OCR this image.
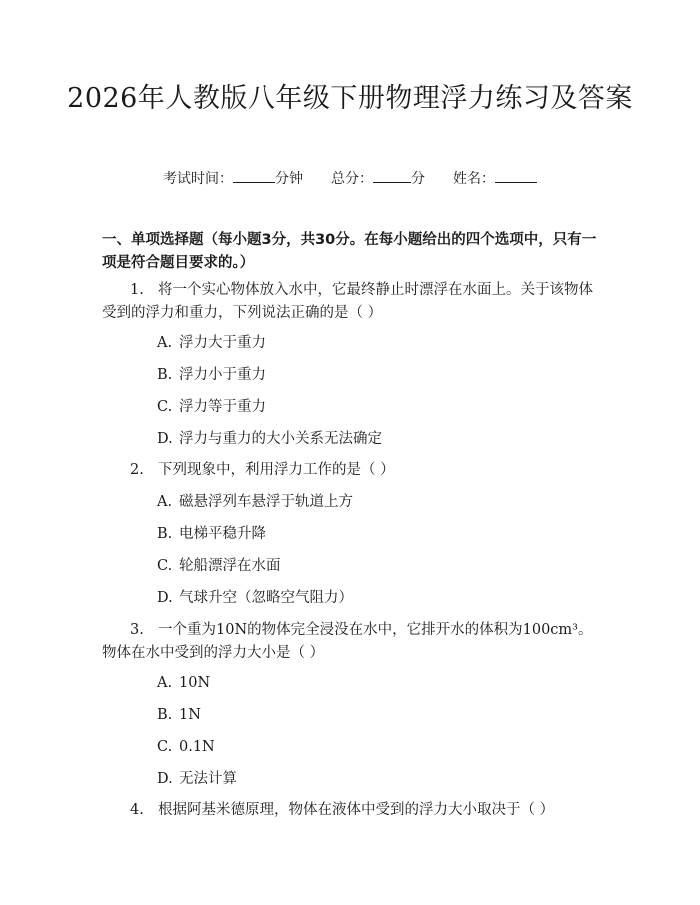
2026年人教版八年级下册物理浮力练习及答案
考试时间：	分钟 总分：	分 姓名：
一、单项选择题（每小题3分，共30分。在每小题给出的四个选项中，只有一项是符合题目要求的。）
1. 将一个实心物体放入水中，它最终静止时漂浮在水面上。关于该物体受到的浮力和重力，下列说法正确的是（ ）
A. 浮力大于重力
B. 浮力小于重力
C. 浮力等于重力
D. 浮力与重力的大小关系无法确定
2. 下列现象中，利用浮力工作的是（ ）
A. 磁悬浮列车悬浮于轨道上方
B. 电梯平稳升降
C. 轮船漂浮在水面
D. 气球升空（忽略空气阻力）
3. 一个重为10N的物体完全浸没在水中，它排开水的体积为100cm³。物体在水中受到的浮力大小是（ ）
A. 10N
B. 1N
C. 0.1N
D. 无法计算
4. 根据阿基米德原理，物体在液体中受到的浮力大小取决于（ ）
